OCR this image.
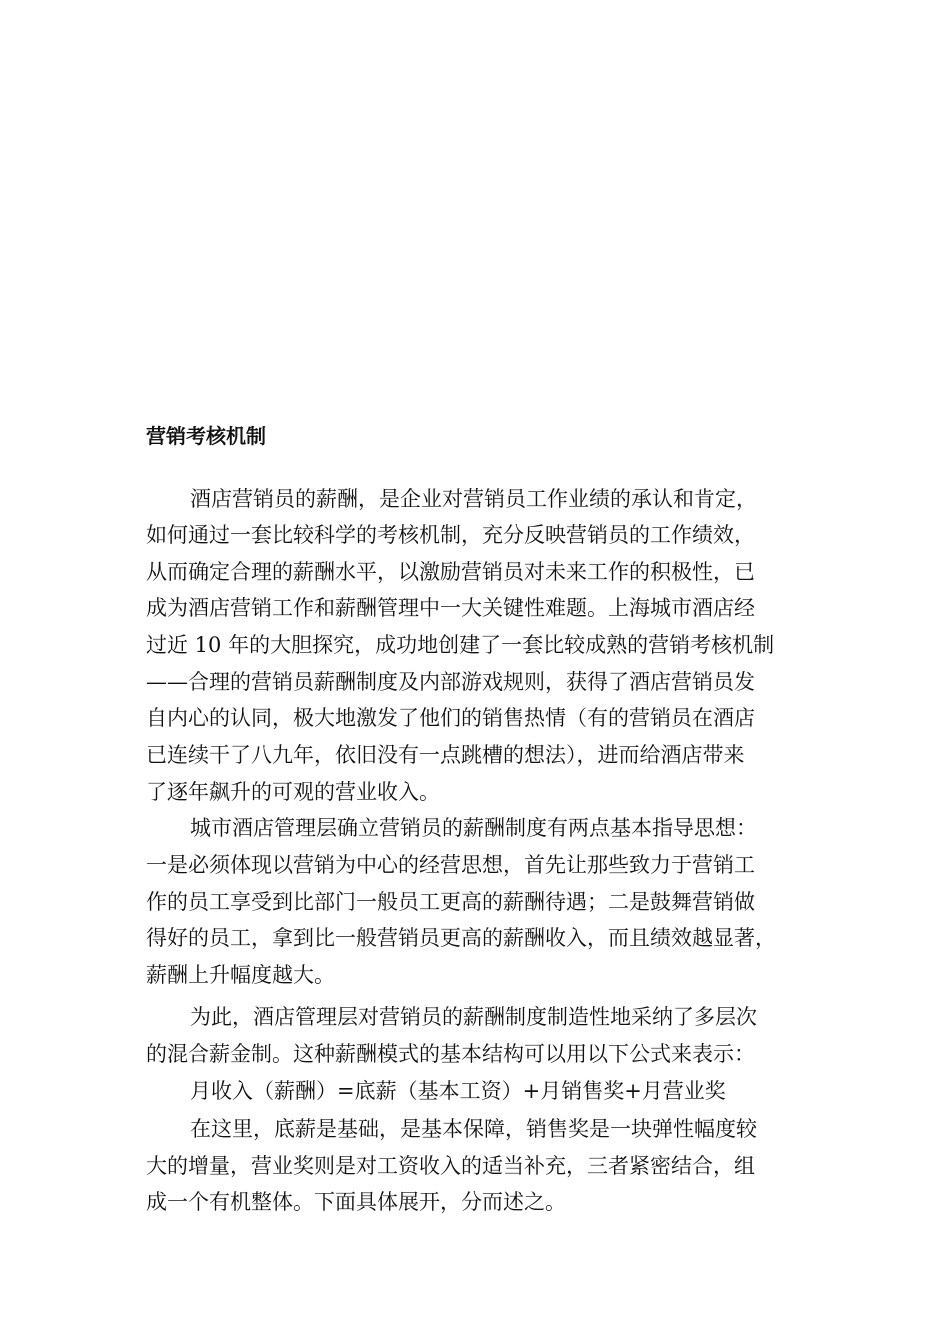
营销考核机制

酒店营销员的薪酬，是企业对营销员工作业绩的承认和肯定，

如何通过一套比较科学的考核机制，充分反映营销员的工作绩效，

从而确定合理的薪酬水平，以激励营销员对未来工作的积极性，已

成为酒店营销工作和薪酬管理中一大关键性难题。上海城市酒店经

过近 10 年的大胆探究，成功地创建了一套比较成熟的营销考核机制

——合理的营销员薪酬制度及内部游戏规则，获得了酒店营销员发

自内心的认同，极大地激发了他们的销售热情（有的营销员在酒店

已连续干了八九年，依旧没有一点跳槽的想法），进而给酒店带来

了逐年飙升的可观的营业收入。

城市酒店管理层确立营销员的薪酬制度有两点基本指导思想：

一是必须体现以营销为中心的经营思想，首先让那些致力于营销工

作的员工享受到比部门一般员工更高的薪酬待遇；二是鼓舞营销做

得好的员工，拿到比一般营销员更高的薪酬收入，而且绩效越显著，

薪酬上升幅度越大。

为此，酒店管理层对营销员的薪酬制度制造性地采纳了多层次

的混合薪金制。这种薪酬模式的基本结构可以用以下公式来表示：

月收入（薪酬）=底薪（基本工资）+月销售奖+月营业奖

在这里，底薪是基础，是基本保障，销售奖是一块弹性幅度较

大的增量，营业奖则是对工资收入的适当补充，三者紧密结合，组

成一个有机整体。下面具体展开，分而述之。
